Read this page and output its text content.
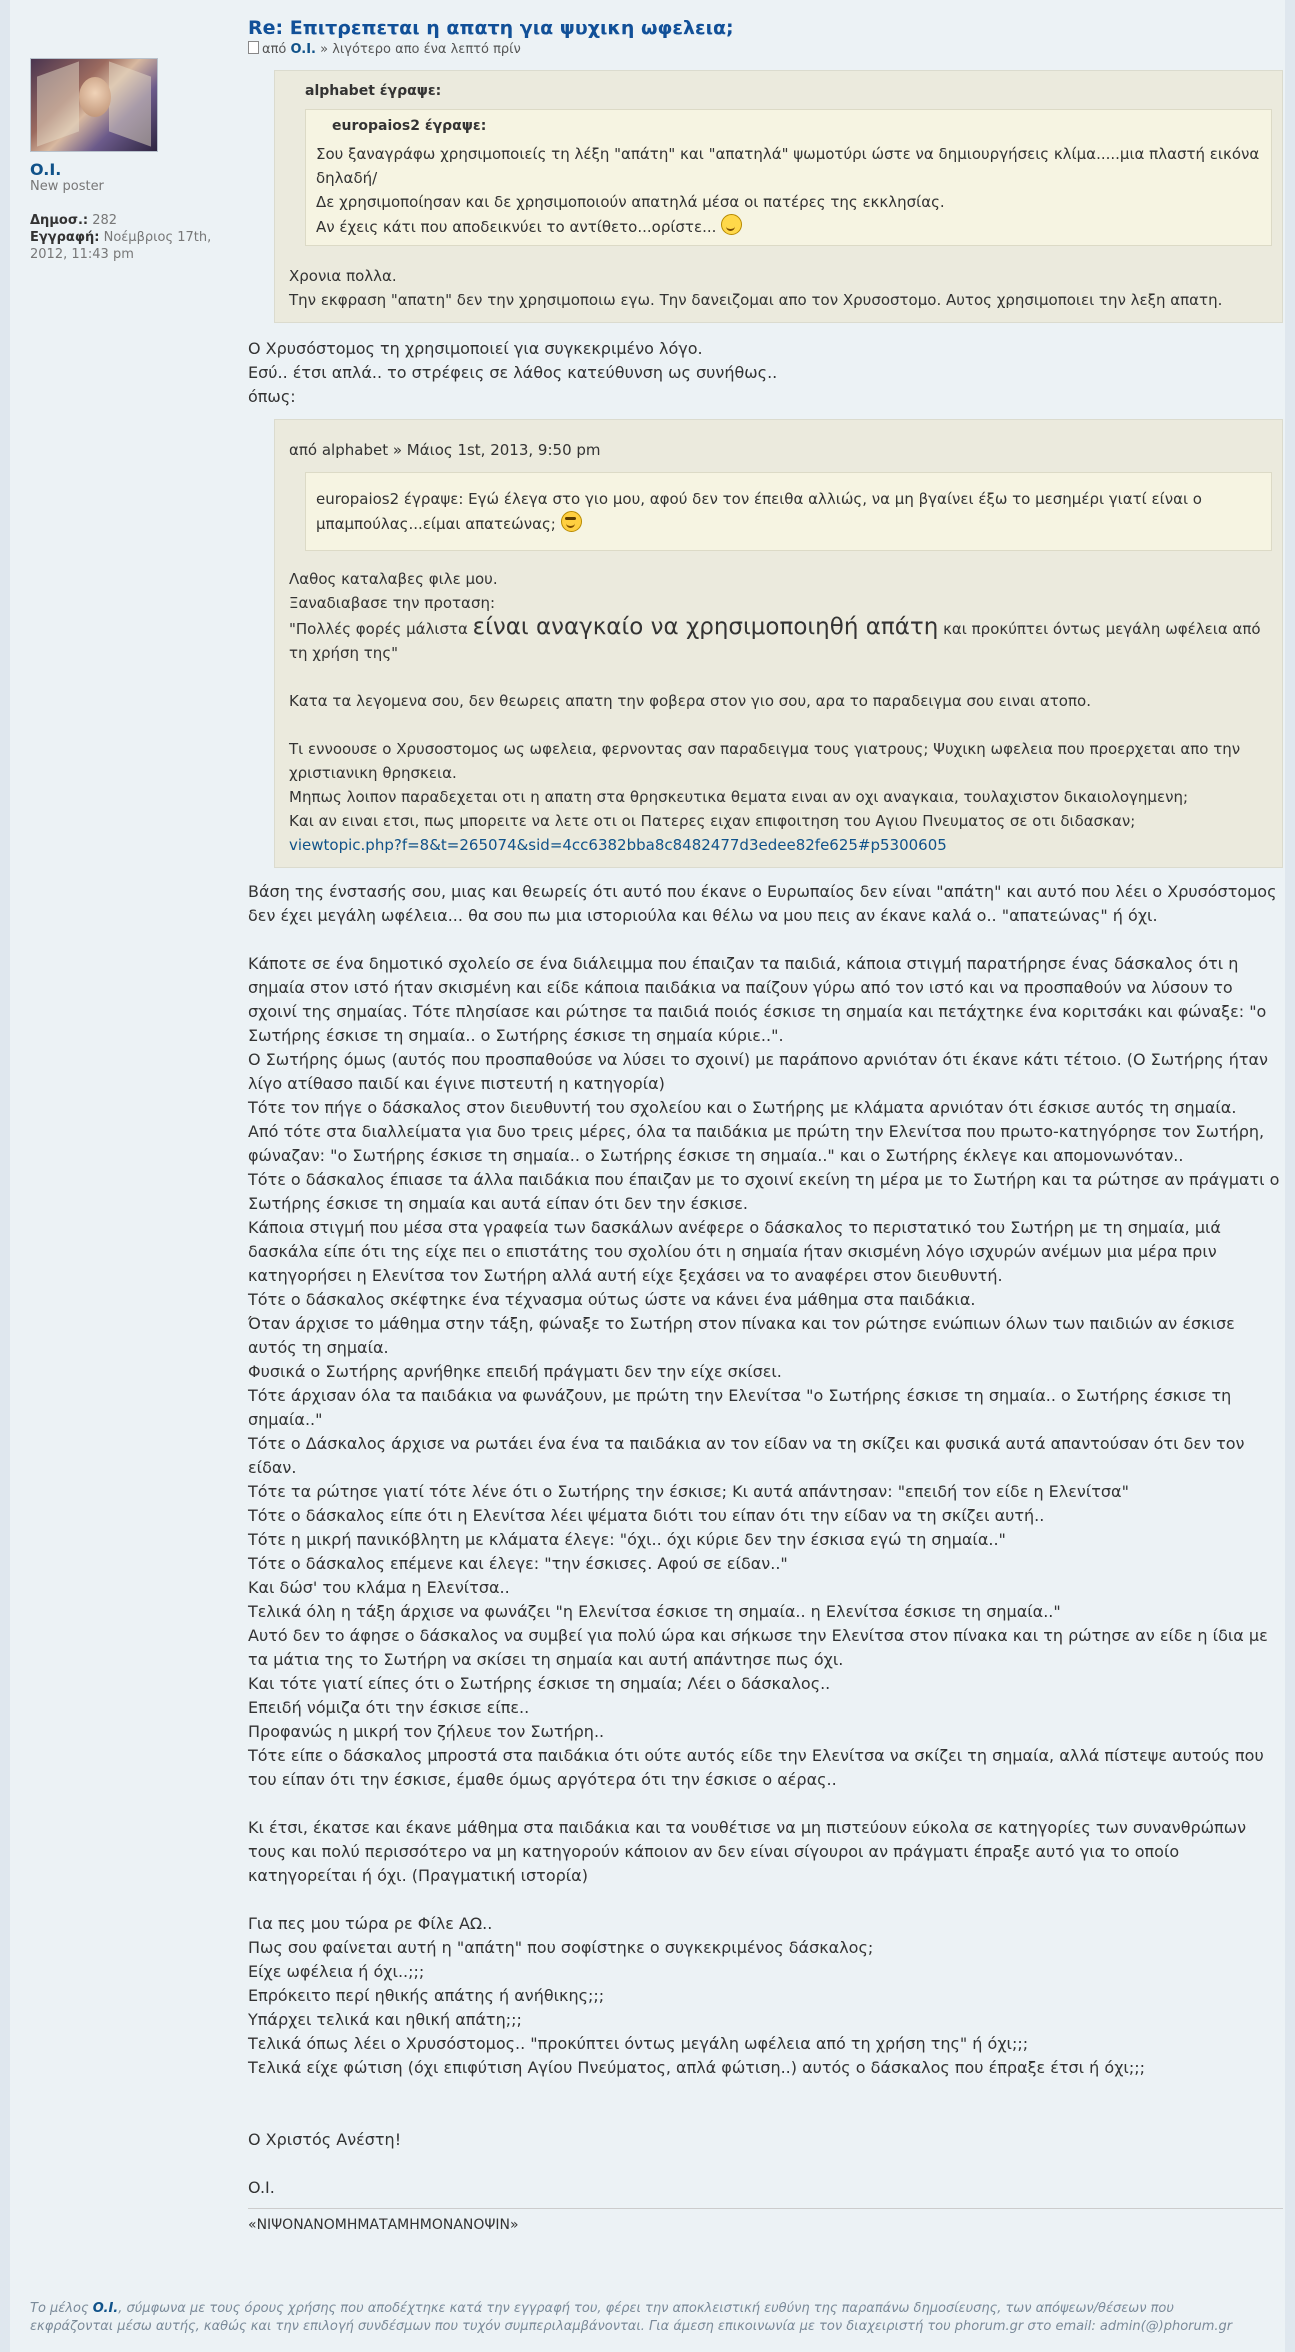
O.I.
New poster
Δημοσ.: 282
Εγγραφή: Νοέμβριος 17th, 2012, 11:43 pm
Re: Επιτρεπεται η απατη για ψυχικη ωφελεια;
από O.I. » λιγότερο απο ένα λεπτό πρίν
alphabet έγραψε:
europaios2 έγραψε:
Σου ξαναγράφω χρησιμοποιείς τη λέξη "απάτη" και "απατηλά" ψωμοτύρι ώστε να δημιουργήσεις κλίμα.....μια πλαστή εικόνα δηλαδή/
Δε χρησιμοποίησαν και δε χρησιμοποιούν απατηλά μέσα οι πατέρες της εκκλησίας.
Αν έχεις κάτι που αποδεικνύει το αντίθετο...ορίστε...
Χρονια πολλα.
Την εκφραση "απατη" δεν την χρησιμοποιω εγω. Την δανειζομαι απο τον Χρυσοστομο. Αυτος χρησιμοποιει την λεξη απατη.
Ο Χρυσόστομος τη χρησιμοποιεί για συγκεκριμένο λόγο.
Εσύ.. έτσι απλά.. το στρέφεις σε λάθος κατεύθυνση ως συνήθως..
όπως:
από alphabet » Μάιος 1st, 2013, 9:50 pm
europaios2 έγραψε: Εγώ έλεγα στο γιο μου, αφού δεν τον έπειθα αλλιώς, να μη βγαίνει έξω το μεσημέρι γιατί είναι ο μπαμπούλας...είμαι απατεώνας;
Λαθος καταλαβες φιλε μου.
Ξαναδιαβασε την προταση:
"Πολλές φορές μάλιστα είναι αναγκαίο να χρησιμοποιηθή απάτη και προκύπτει όντως μεγάλη ωφέλεια από τη χρήση της"
Κατα τα λεγομενα σου, δεν θεωρεις απατη την φοβερα στον γιο σου, αρα το παραδειγμα σου ειναι ατοπο.
Τι εννοουσε ο Χρυσοστομος ως ωφελεια, φερνοντας σαν παραδειγμα τους γιατρους; Ψυχικη ωφελεια που προερχεται απο την χριστιανικη θρησκεια.
Μηπως λοιπον παραδεχεται οτι η απατη στα θρησκευτικα θεματα ειναι αν οχι αναγκαια, τουλαχιστον δικαιολογημενη;
Και αν ειναι ετσι, πως μπορειτε να λετε οτι οι Πατερες ειχαν επιφοιτηση του Αγιου Πνευματος σε οτι διδασκαν;
viewtopic.php?f=8&t=265074&sid=4cc6382bba8c8482477d3edee82fe625#p5300605
Βάση της ένστασής σου, μιας και θεωρείς ότι αυτό που έκανε ο Ευρωπαίος δεν είναι "απάτη" και αυτό που λέει ο Χρυσόστομος δεν έχει μεγάλη ωφέλεια... θα σου πω μια ιστοριούλα και θέλω να μου πεις αν έκανε καλά ο.. "απατεώνας" ή όχι.
Κάποτε σε ένα δημοτικό σχολείο σε ένα διάλειμμα που έπαιζαν τα παιδιά, κάποια στιγμή παρατήρησε ένας δάσκαλος ότι η σημαία στον ιστό ήταν σκισμένη και είδε κάποια παιδάκια να παίζουν γύρω από τον ιστό και να προσπαθούν να λύσουν το σχοινί της σημαίας. Τότε πλησίασε και ρώτησε τα παιδιά ποιός έσκισε τη σημαία και πετάχτηκε ένα κοριτσάκι και φώναξε: "ο Σωτήρης έσκισε τη σημαία.. ο Σωτήρης έσκισε τη σημαία κύριε..".
Ο Σωτήρης όμως (αυτός που προσπαθούσε να λύσει το σχοινί) με παράπονο αρνιόταν ότι έκανε κάτι τέτοιο. (Ο Σωτήρης ήταν λίγο ατίθασο παιδί και έγινε πιστευτή η κατηγορία)
Τότε τον πήγε ο δάσκαλος στον διευθυντή του σχολείου και ο Σωτήρης με κλάματα αρνιόταν ότι έσκισε αυτός τη σημαία.
Από τότε στα διαλλείματα για δυο τρεις μέρες, όλα τα παιδάκια με πρώτη την Ελενίτσα που πρωτο-κατηγόρησε τον Σωτήρη, φώναζαν: "ο Σωτήρης έσκισε τη σημαία.. ο Σωτήρης έσκισε τη σημαία.." και ο Σωτήρης έκλεγε και απομονωνόταν..
Τότε ο δάσκαλος έπιασε τα άλλα παιδάκια που έπαιζαν με το σχοινί εκείνη τη μέρα με το Σωτήρη και τα ρώτησε αν πράγματι ο Σωτήρης έσκισε τη σημαία και αυτά είπαν ότι δεν την έσκισε.
Κάποια στιγμή που μέσα στα γραφεία των δασκάλων ανέφερε ο δάσκαλος το περιστατικό του Σωτήρη με τη σημαία, μιά δασκάλα είπε ότι της είχε πει ο επιστάτης του σχολίου ότι η σημαία ήταν σκισμένη λόγο ισχυρών ανέμων μια μέρα πριν κατηγορήσει η Ελενίτσα τον Σωτήρη αλλά αυτή είχε ξεχάσει να το αναφέρει στον διευθυντή.
Τότε ο δάσκαλος σκέφτηκε ένα τέχνασμα ούτως ώστε να κάνει ένα μάθημα στα παιδάκια.
Όταν άρχισε το μάθημα στην τάξη, φώναξε το Σωτήρη στον πίνακα και τον ρώτησε ενώπιων όλων των παιδιών αν έσκισε αυτός τη σημαία.
Φυσικά ο Σωτήρης αρνήθηκε επειδή πράγματι δεν την είχε σκίσει.
Τότε άρχισαν όλα τα παιδάκια να φωνάζουν, με πρώτη την Ελενίτσα "ο Σωτήρης έσκισε τη σημαία.. ο Σωτήρης έσκισε τη σημαία.."
Τότε ο Δάσκαλος άρχισε να ρωτάει ένα ένα τα παιδάκια αν τον είδαν να τη σκίζει και φυσικά αυτά απαντούσαν ότι δεν τον είδαν.
Τότε τα ρώτησε γιατί τότε λένε ότι ο Σωτήρης την έσκισε; Κι αυτά απάντησαν: "επειδή τον είδε η Ελενίτσα"
Τότε ο δάσκαλος είπε ότι η Ελενίτσα λέει ψέματα διότι του είπαν ότι την είδαν να τη σκίζει αυτή..
Τότε η μικρή πανικόβλητη με κλάματα έλεγε: "όχι.. όχι κύριε δεν την έσκισα εγώ τη σημαία.."
Τότε ο δάσκαλος επέμενε και έλεγε: "την έσκισες. Αφού σε είδαν.."
Και δώσ' του κλάμα η Ελενίτσα..
Τελικά όλη η τάξη άρχισε να φωνάζει "η Ελενίτσα έσκισε τη σημαία.. η Ελενίτσα έσκισε τη σημαία.."
Αυτό δεν το άφησε ο δάσκαλος να συμβεί για πολύ ώρα και σήκωσε την Ελενίτσα στον πίνακα και τη ρώτησε αν είδε η ίδια με τα μάτια της το Σωτήρη να σκίσει τη σημαία και αυτή απάντησε πως όχι.
Και τότε γιατί είπες ότι ο Σωτήρης έσκισε τη σημαία; Λέει ο δάσκαλος..
Επειδή νόμιζα ότι την έσκισε είπε..
Προφανώς η μικρή τον ζήλευε τον Σωτήρη..
Τότε είπε ο δάσκαλος μπροστά στα παιδάκια ότι ούτε αυτός είδε την Ελενίτσα να σκίζει τη σημαία, αλλά πίστεψε αυτούς που του είπαν ότι την έσκισε, έμαθε όμως αργότερα ότι την έσκισε ο αέρας..
Κι έτσι, έκατσε και έκανε μάθημα στα παιδάκια και τα νουθέτισε να μη πιστεύουν εύκολα σε κατηγορίες των συνανθρώπων τους και πολύ περισσότερο να μη κατηγορούν κάποιον αν δεν είναι σίγουροι αν πράγματι έπραξε αυτό για το οποίο κατηγορείται ή όχι. (Πραγματική ιστορία)
Για πες μου τώρα ρε Φίλε ΑΩ..
Πως σου φαίνεται αυτή η "απάτη" που σοφίστηκε ο συγκεκριμένος δάσκαλος;
Είχε ωφέλεια ή όχι..;;;
Επρόκειτο περί ηθικής απάτης ή ανήθικης;;;
Υπάρχει τελικά και ηθική απάτη;;;
Τελικά όπως λέει ο Χρυσόστομος.. "προκύπτει όντως μεγάλη ωφέλεια από τη χρήση της" ή όχι;;;
Τελικά είχε φώτιση (όχι επιφύτιση Αγίου Πνεύματος, απλά φώτιση..) αυτός ο δάσκαλος που έπραξε έτσι ή όχι;;;
Ο Χριστός Ανέστη!
O.I.
«ΝΙΨΟΝΑΝΟΜΗΜΑΤΑΜΗΜΟΝΑΝΟΨΙΝ»
Το μέλος O.I., σύμφωνα με τους όρους χρήσης που αποδέχτηκε κατά την εγγραφή του, φέρει την αποκλειστική ευθύνη της παραπάνω δημοσίευσης, των απόψεων/θέσεων που εκφράζονται μέσω αυτής, καθώς και την επιλογή συνδέσμων που τυχόν συμπεριλαμβάνονται. Για άμεση επικοινωνία με τον διαχειριστή του phorum.gr στο email: admin(@)phorum.gr
